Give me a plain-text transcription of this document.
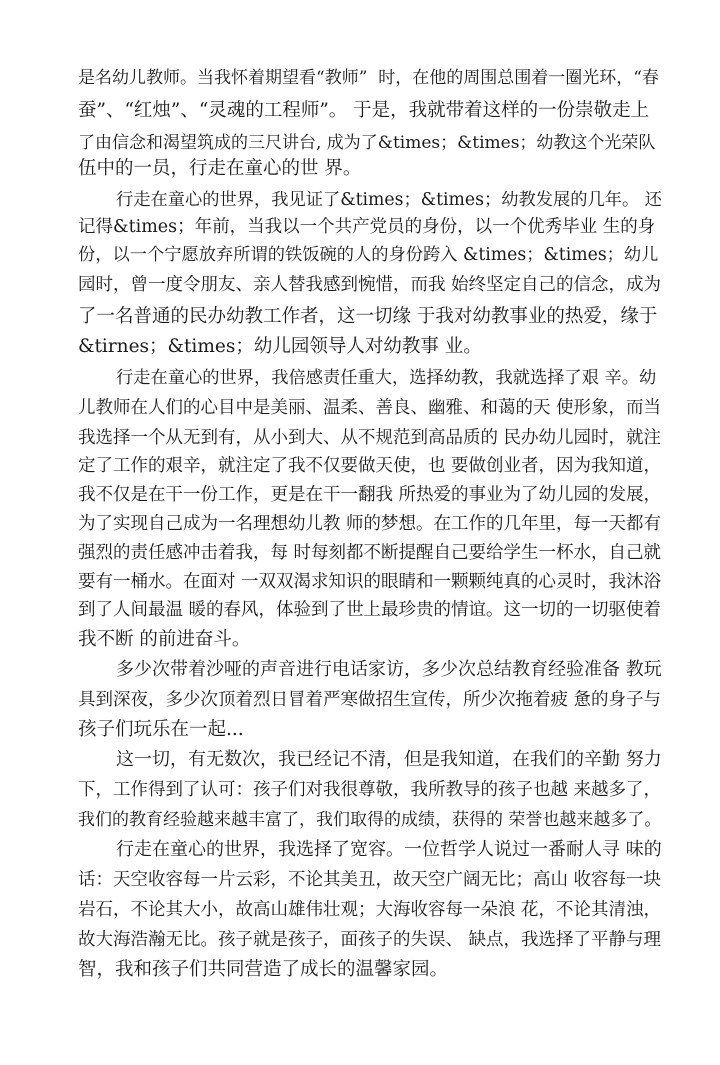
是名幼儿教师。当我怀着期望看“教师”  时，在他的周围总围着一圈光环，“春
蚕”、“红烛”、“灵魂的工程师”。 于是，我就带着这样的一份崇敬走上
了由信念和渴望筑成的三尺讲台, 成为了&times；&times；幼教这个光荣队
伍中的一员，行走在童心的世 界。
行走在童心的世界，我见证了&times；&times；幼教发展的几年。 还
记得&times；年前，当我以一个共产党员的身份，以一个优秀毕业 生的身
份，以一个宁愿放弃所谓的铁饭碗的人的身份跨入 &times；&times；幼儿
园时，曾一度令朋友、亲人替我感到惋惜，而我 始终坚定自己的信念，成为
了一名普通的民办幼教工作者，这一切缘 于我对幼教事业的热爱，缘于
&tirnes；&times；幼儿园领导人对幼教事 业。
行走在童心的世界，我倍感责任重大，选择幼教，我就选择了艰 辛。幼
儿教师在人们的心目中是美丽、温柔、善良、幽雅、和蔼的天 使形象，而当
我选择一个从无到有，从小到大、从不规范到高品质的 民办幼儿园时，就注
定了工作的艰辛，就注定了我不仅要做天使，也 要做创业者，因为我知道，
我不仅是在干一份工作，更是在干一翻我 所热爱的事业为了幼儿园的发展，
为了实现自己成为一名理想幼儿教 师的梦想。在工作的几年里，每一天都有
强烈的责任感冲击着我，每 时每刻都不断提醒自己要给学生一杯水，自己就
要有一桶水。在面对 一双双渴求知识的眼睛和一颗颗纯真的心灵时，我沐浴
到了人间最温 暖的春风，体验到了世上最珍贵的情谊。这一切的一切驱使着
我不断 的前进奋斗。
多少次带着沙哑的声音进行电话家访，多少次总结教育经验准备 教玩
具到深夜，多少次顶着烈日冒着严寒做招生宣传，所少次拖着疲 惫的身子与
孩子们玩乐在一起...
这一切，有无数次，我已经记不清，但是我知道，在我们的辛勤 努力
下，工作得到了认可：孩子们对我很尊敬，我所教导的孩子也越 来越多了，
我们的教育经验越来越丰富了，我们取得的成绩，获得的 荣誉也越来越多了。
行走在童心的世界，我选择了宽容。一位哲学人说过一番耐人寻 味的
话：天空收容每一片云彩，不论其美丑，故天空广阔无比；高山 收容每一块
岩石，不论其大小，故高山雄伟壮观；大海收容每一朵浪 花，不论其清浊，
故大海浩瀚无比。孩子就是孩子，面孩子的失误、 缺点，我选择了平静与理
智，我和孩子们共同营造了成长的温馨家园。
